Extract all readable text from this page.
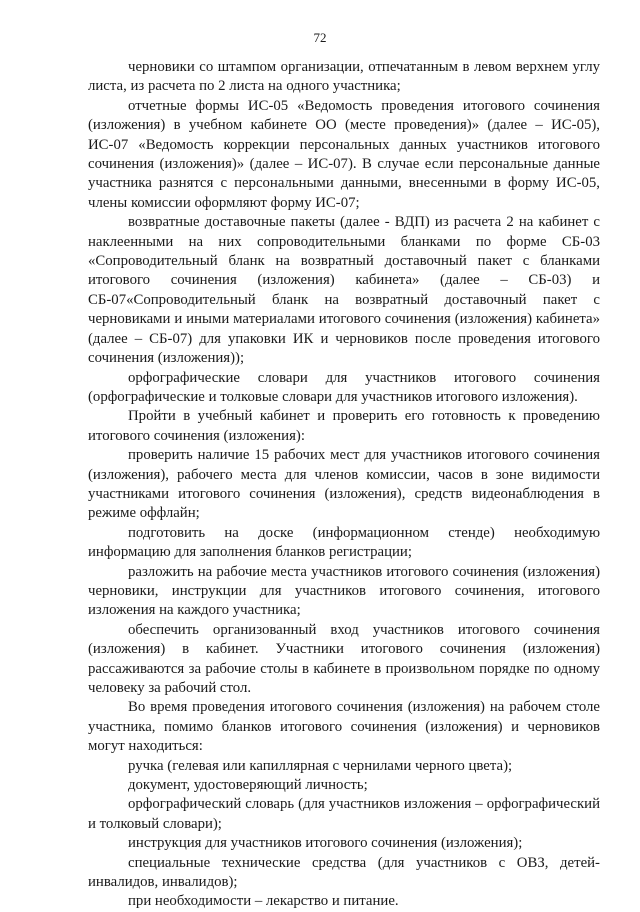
72

черновики со штампом организации, отпечатанным в левом верхнем углу листа, из расчета по 2 листа на одного участника;

отчетные формы ИС-05 «Ведомость проведения итогового сочинения (изложения) в учебном кабинете ОО (месте проведения)» (далее – ИС-05), ИС-07 «Ведомость коррекции персональных данных участников итогового сочинения (изложения)» (далее – ИС-07). В случае если персональные данные участника разнятся с персональными данными, внесенными в форму ИС-05, члены комиссии оформляют форму ИС-07;

возвратные доставочные пакеты (далее - ВДП) из расчета 2 на кабинет с наклеенными на них сопроводительными бланками по форме СБ-03 «Сопроводительный бланк на возвратный доставочный пакет с бланками итогового сочинения (изложения) кабинета» (далее – СБ-03) и СБ-07«Сопроводительный бланк на возвратный доставочный пакет с черновиками и иными материалами итогового сочинения (изложения) кабинета» (далее – СБ-07) для упаковки ИК и черновиков после проведения итогового сочинения (изложения));

орфографические словари для участников итогового сочинения (орфографические и толковые словари для участников итогового изложения).

Пройти в учебный кабинет и проверить его готовность к проведению итогового сочинения (изложения):

проверить наличие 15 рабочих мест для участников итогового сочинения (изложения), рабочего места для членов комиссии, часов в зоне видимости участниками итогового сочинения (изложения), средств видеонаблюдения в режиме оффлайн;

подготовить на доске (информационном стенде) необходимую информацию для заполнения бланков регистрации;

разложить на рабочие места участников итогового сочинения (изложения) черновики, инструкции для участников итогового сочинения, итогового изложения на каждого участника;

обеспечить организованный вход участников итогового сочинения (изложения) в кабинет. Участники итогового сочинения (изложения) рассаживаются за рабочие столы в кабинете в произвольном порядке по одному человеку за рабочий стол.

Во время проведения итогового сочинения (изложения) на рабочем столе участника, помимо бланков итогового сочинения (изложения) и черновиков могут находиться:

ручка (гелевая или капиллярная с чернилами черного цвета);

документ, удостоверяющий личность;

орфографический словарь (для участников изложения – орфографический и толковый словари);

инструкция для участников итогового сочинения (изложения);

специальные технические средства (для участников с ОВЗ, детей-инвалидов, инвалидов);

при необходимости – лекарство и питание.
